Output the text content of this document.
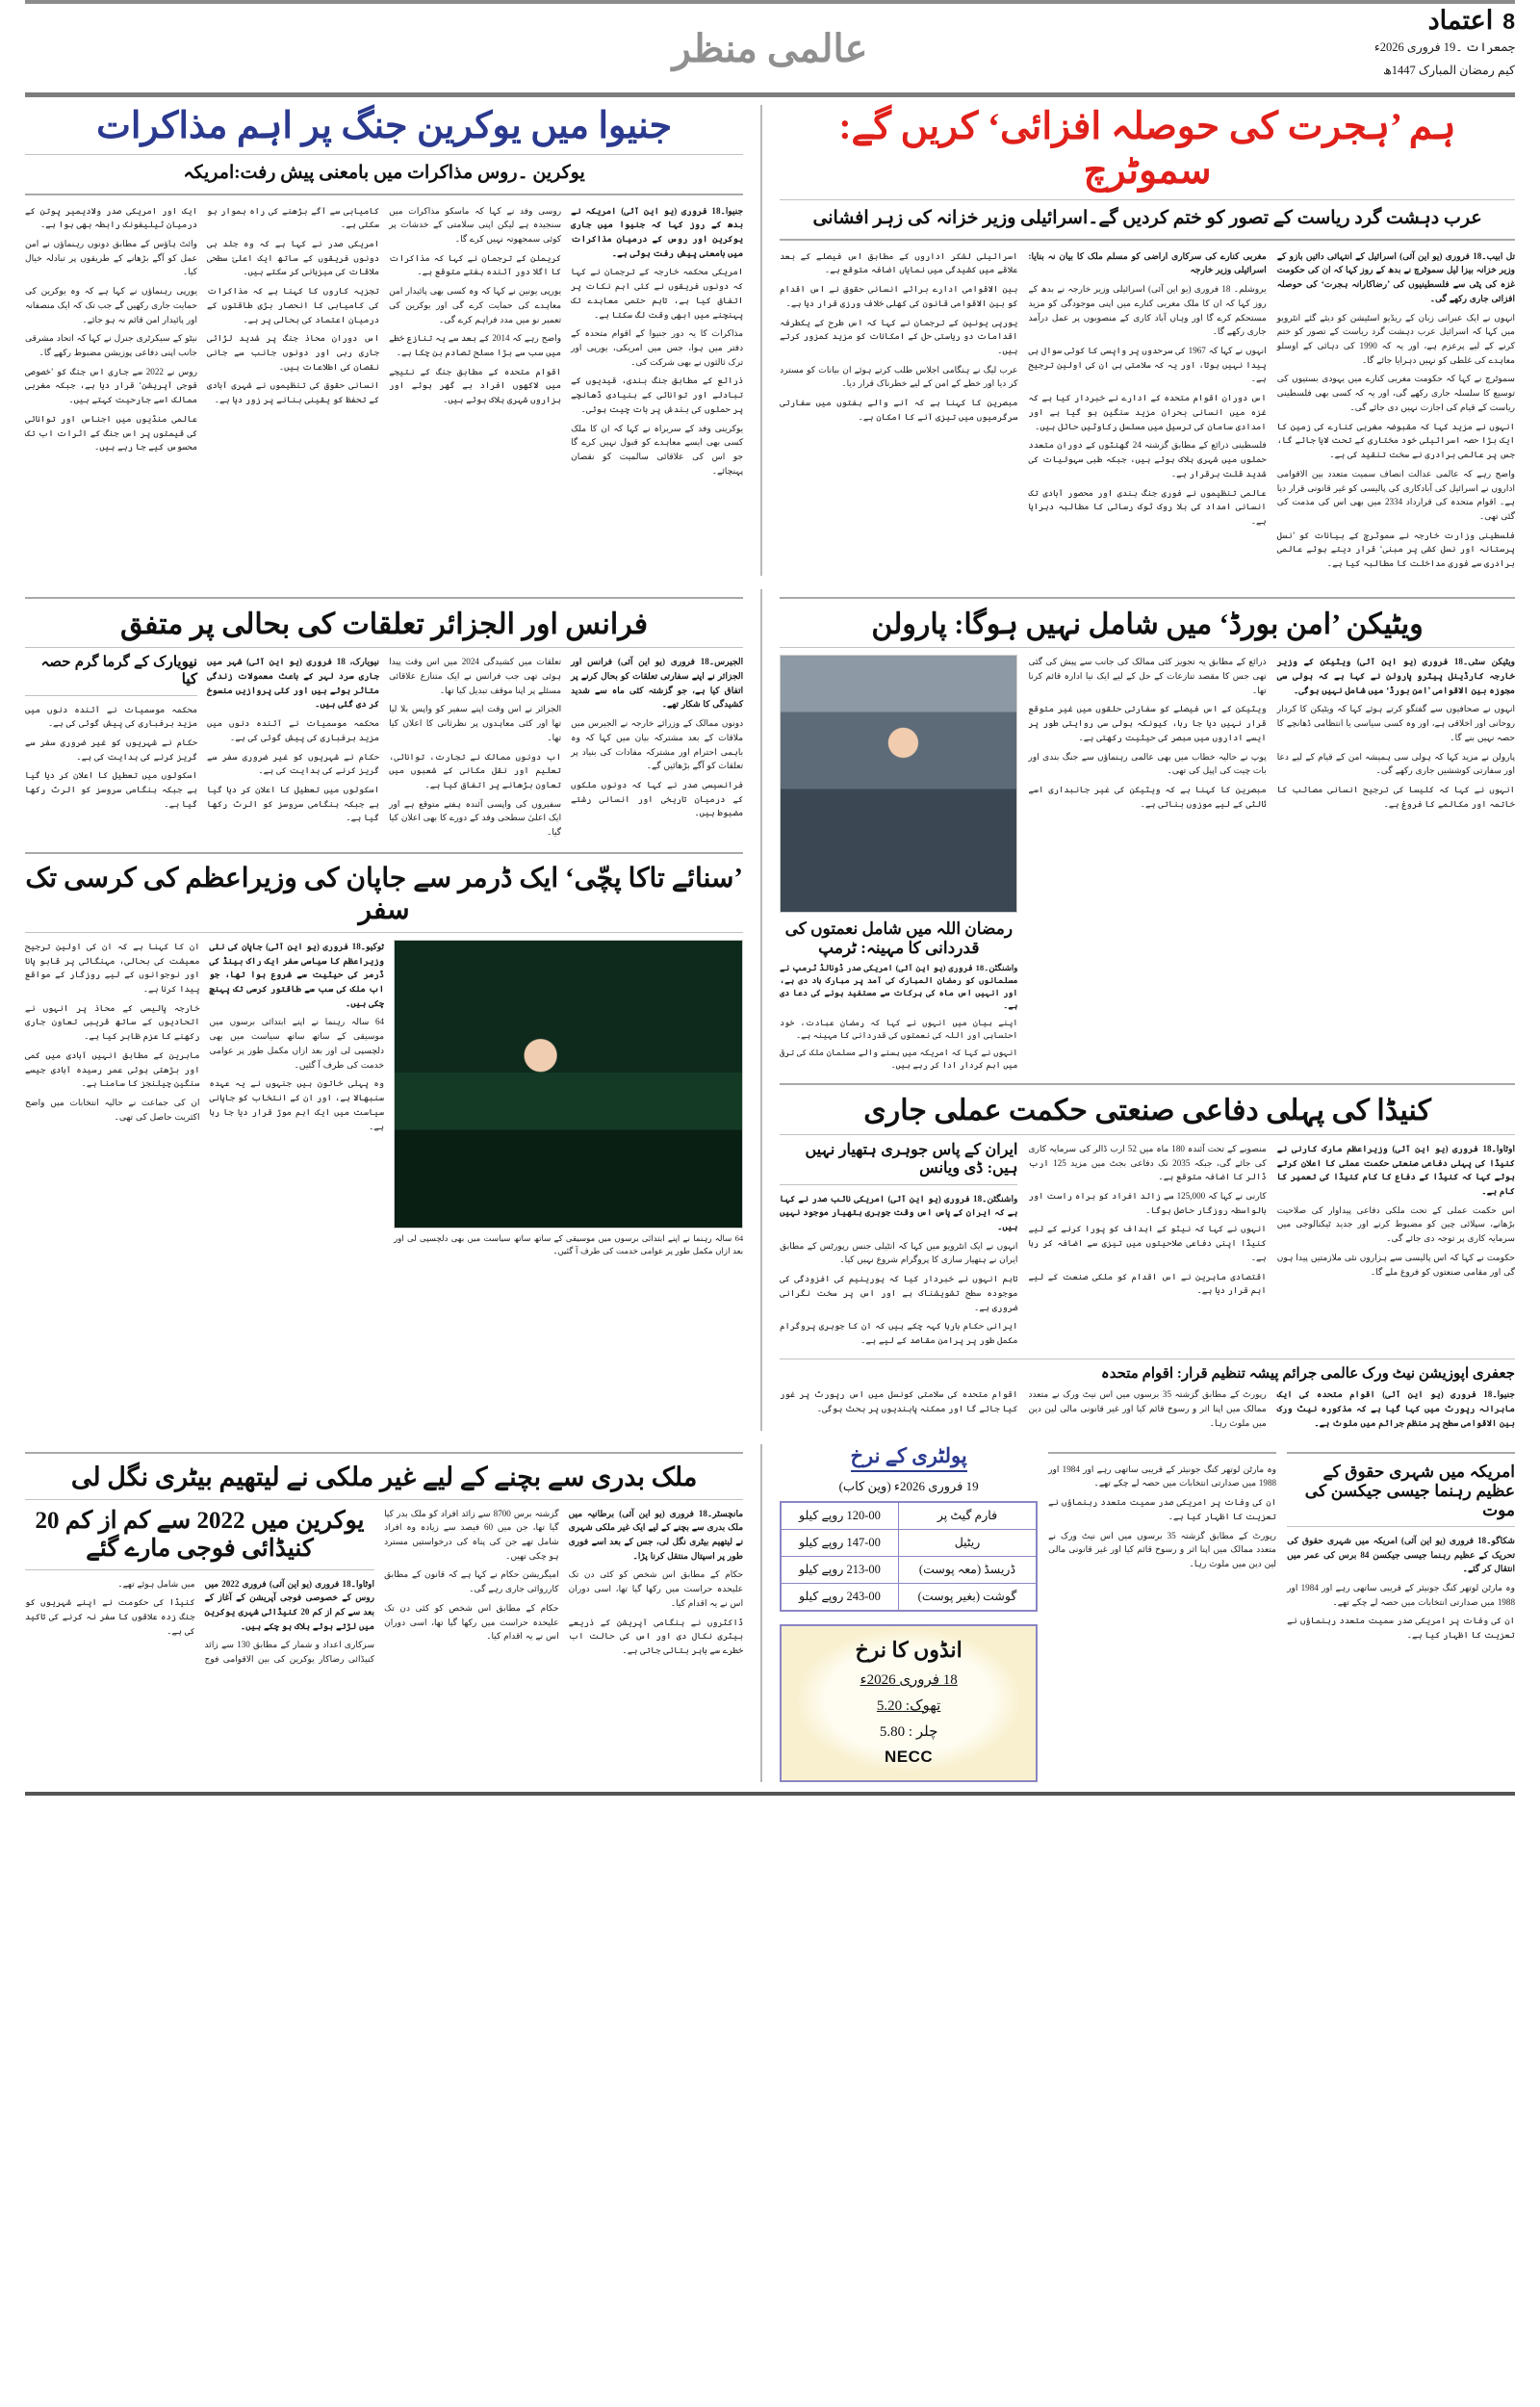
8اعتماد
جمعرات ۔19 فروری 2026ء
کیم رمضان المبارک 1447ھ
عالمی منظر
ہم ’ہجرت کی حوصلہ افزائی‘ کریں گے: سموٹرچ
عرب دہشت گرد ریاست کے تصور کو ختم کردیں گے۔اسرائیلی وزیر خزانہ کی زہر افشانی

تل ابیب۔18 فروری (یو این آئی) اسرائیل کے انتہائی دائیں بازو کے وزیر خزانہ بیزا لیل سموٹرچ نے بدھ کے روز کہا کہ ان کی حکومت غزہ کی پٹی سے فلسطینیوں کی ’رضاکارانہ ہجرت‘ کی حوصلہ افزائی جاری رکھے گی۔

انہوں نے ایک عبرانی زبان کے ریڈیو اسٹیشن کو دیئے گئے انٹرویو میں کہا کہ اسرائیل عرب دہشت گرد ریاست کے تصور کو ختم کرنے کے لیے پرعزم ہے، اور یہ کہ 1990 کی دہائی کے اوسلو معاہدے کی غلطی کو نہیں دہرایا جائے گا۔

سموٹرچ نے کہا کہ حکومت مغربی کنارے میں یہودی بستیوں کی توسیع کا سلسلہ جاری رکھے گی، اور یہ کہ کسی بھی فلسطینی ریاست کے قیام کی اجازت نہیں دی جائے گی۔

انہوں نے مزید کہا کہ مقبوضہ مغربی کنارے کی زمین کا ایک بڑا حصہ اسرائیلی خود مختاری کے تحت لایا جائے گا، جس پر عالمی برادری نے سخت تنقید کی ہے۔

واضح رہے کہ عالمی عدالت انصاف سمیت متعدد بین الاقوامی اداروں نے اسرائیل کی آبادکاری کی پالیسی کو غیر قانونی قرار دیا ہے۔ اقوام متحدہ کی قرارداد 2334 میں بھی اس کی مذمت کی گئی تھی۔

فلسطینی وزارت خارجہ نے سموٹرچ کے بیانات کو ’نسل پرستانہ اور نسل کشی پر مبنی‘ قرار دیتے ہوئے عالمی برادری سے فوری مداخلت کا مطالبہ کیا ہے۔

مغربی کنارے کی سرکاری اراضی کو مسلم ملک کا بیان نہ بنایا: اسرائیلی وزیر خارجہ

یروشلم۔ 18 فروری (یو این آئی) اسرائیلی وزیر خارجہ نے بدھ کے روز کہا کہ ان کا ملک مغربی کنارے میں اپنی موجودگی کو مزید مستحکم کرے گا اور وہاں آباد کاری کے منصوبوں پر عمل درآمد جاری رکھے گا۔

انہوں نے کہا کہ 1967 کی سرحدوں پر واپسی کا کوئی سوال ہی پیدا نہیں ہوتا، اور یہ کہ سلامتی ہی ان کی اولین ترجیح ہے۔

اس دوران اقوام متحدہ کے ادارے نے خبردار کیا ہے کہ غزہ میں انسانی بحران مزید سنگین ہو گیا ہے اور امدادی سامان کی ترسیل میں مسلسل رکاوٹیں حائل ہیں۔

فلسطینی ذرائع کے مطابق گزشتہ 24 گھنٹوں کے دوران متعدد حملوں میں شہری ہلاک ہوئے ہیں، جبکہ طبی سہولیات کی شدید قلت برقرار ہے۔

عالمی تنظیموں نے فوری جنگ بندی اور محصور آبادی تک انسانی امداد کی بلا روک ٹوک رسائی کا مطالبہ دہرایا ہے۔

اسرائیلی لشکر اداروں کے مطابق اس فیصلے کے بعد علاقے میں کشیدگی میں نمایاں اضافہ متوقع ہے۔

بین الاقوامی ادارے برائے انسانی حقوق نے اس اقدام کو بین الاقوامی قانون کی کھلی خلاف ورزی قرار دیا ہے۔

یورپی یونین کے ترجمان نے کہا کہ اس طرح کے یکطرفہ اقدامات دو ریاستی حل کے امکانات کو مزید کمزور کرتے ہیں۔

عرب لیگ نے ہنگامی اجلاس طلب کرتے ہوئے ان بیانات کو مسترد کر دیا اور خطے کے امن کے لیے خطرناک قرار دیا۔

مبصرین کا کہنا ہے کہ آنے والے ہفتوں میں سفارتی سرگرمیوں میں تیزی آنے کا امکان ہے۔

جنیوا میں یوکرین جنگ پر اہم مذاکرات
یوکرین ۔روس مذاکرات میں بامعنی پیش رفت:امریکہ

جنیوا۔18 فروری (یو این آئی) امریکہ نے بدھ کے روز کہا کہ جنیوا میں جاری یوکرین اور روس کے درمیان مذاکرات میں بامعنی پیش رفت ہوئی ہے۔

امریکی محکمہ خارجہ کے ترجمان نے کہا کہ دونوں فریقوں نے کئی اہم نکات پر اتفاق کیا ہے، تاہم حتمی معاہدے تک پہنچنے میں ابھی وقت لگ سکتا ہے۔

مذاکرات کا یہ دور جنیوا کے اقوام متحدہ کے دفتر میں ہوا، جس میں امریکی، یورپی اور ترک ثالثوں نے بھی شرکت کی۔

ذرائع کے مطابق جنگ بندی، قیدیوں کے تبادلے اور توانائی کے بنیادی ڈھانچے پر حملوں کی بندش پر بات چیت ہوئی۔

یوکرینی وفد کے سربراہ نے کہا کہ ان کا ملک کسی بھی ایسے معاہدے کو قبول نہیں کرے گا جو اس کی علاقائی سالمیت کو نقصان پہنچائے۔

روسی وفد نے کہا کہ ماسکو مذاکرات میں سنجیدہ ہے لیکن اپنی سلامتی کے خدشات پر کوئی سمجھوتہ نہیں کرے گا۔

کریملن کے ترجمان نے کہا کہ مذاکرات کا اگلا دور آئندہ ہفتے متوقع ہے۔

یورپی یونین نے کہا کہ وہ کسی بھی پائیدار امن معاہدے کی حمایت کرے گی اور یوکرین کی تعمیر نو میں مدد فراہم کرے گی۔

واضح رہے کہ 2014 کے بعد سے یہ تنازع خطے میں سب سے بڑا مسلح تصادم بن چکا ہے۔

اقوام متحدہ کے مطابق جنگ کے نتیجے میں لاکھوں افراد بے گھر ہوئے اور ہزاروں شہری ہلاک ہوئے ہیں۔

کامیابی سے آگے بڑھنے کی راہ ہموار ہو سکتی ہے۔

امریکی صدر نے کہا ہے کہ وہ جلد ہی دونوں فریقوں کے ساتھ ایک اعلیٰ سطحی ملاقات کی میزبانی کر سکتے ہیں۔

تجزیہ کاروں کا کہنا ہے کہ مذاکرات کی کامیابی کا انحصار بڑی طاقتوں کے درمیان اعتماد کی بحالی پر ہے۔

اس دوران محاذ جنگ پر شدید لڑائی جاری رہی اور دونوں جانب سے جانی نقصان کی اطلاعات ہیں۔

انسانی حقوق کی تنظیموں نے شہری آبادی کے تحفظ کو یقینی بنانے پر زور دیا ہے۔

ایک اور امریکی صدر ولادیمیر پوتن کے درمیان ٹیلیفونک رابطہ بھی ہوا ہے۔

وائٹ ہاؤس کے مطابق دونوں رہنماؤں نے امن عمل کو آگے بڑھانے کے طریقوں پر تبادلہ خیال کیا۔

یورپی رہنماؤں نے کہا ہے کہ وہ یوکرین کی حمایت جاری رکھیں گے جب تک کہ ایک منصفانہ اور پائیدار امن قائم نہ ہو جائے۔

نیٹو کے سیکرٹری جنرل نے کہا کہ اتحاد مشرقی جانب اپنی دفاعی پوزیشن مضبوط رکھے گا۔

روس نے 2022 سے جاری اس جنگ کو ’خصوصی فوجی آپریشن‘ قرار دیا ہے، جبکہ مغربی ممالک اسے جارحیت کہتے ہیں۔

عالمی منڈیوں میں اجناس اور توانائی کی قیمتوں پر اس جنگ کے اثرات اب تک محسوس کیے جا رہے ہیں۔

ویٹیکن ’امن بورڈ‘ میں شامل نہیں ہوگا: پارولن

ویٹیکن سٹی۔18 فروری (یو این آئی) ویٹیکن کے وزیر خارجہ کارڈینل پیٹرو پارولن نے کہا ہے کہ ہولی سی مجوزہ بین الاقوامی ’امن بورڈ‘ میں شامل نہیں ہوگی۔

انہوں نے صحافیوں سے گفتگو کرتے ہوئے کہا کہ ویٹیکن کا کردار روحانی اور اخلاقی ہے، اور وہ کسی سیاسی یا انتظامی ڈھانچے کا حصہ نہیں بنے گا۔

پارولن نے مزید کہا کہ ہولی سی ہمیشہ امن کے قیام کے لیے دعا اور سفارتی کوششیں جاری رکھے گی۔

انہوں نے کہا کہ کلیسا کی ترجیح انسانی مصائب کا خاتمہ اور مکالمے کا فروغ ہے۔

ذرائع کے مطابق یہ تجویز کئی ممالک کی جانب سے پیش کی گئی تھی جس کا مقصد تنازعات کے حل کے لیے ایک نیا ادارہ قائم کرنا تھا۔

ویٹیکن کے اس فیصلے کو سفارتی حلقوں میں غیر متوقع قرار نہیں دیا جا رہا، کیونکہ ہولی سی روایتی طور پر ایسے اداروں میں مبصر کی حیثیت رکھتی ہے۔

پوپ نے حالیہ خطاب میں بھی عالمی رہنماؤں سے جنگ بندی اور بات چیت کی اپیل کی تھی۔

مبصرین کا کہنا ہے کہ ویٹیکن کی غیر جانبداری اسے ثالثی کے لیے موزوں بناتی ہے۔

رمضان اللہ میں شامل نعمتوں کی قدردانی کا مہینہ: ٹرمپ

واشنگٹن۔18 فروری (یو این آئی) امریکی صدر ڈونالڈ ٹرمپ نے مسلمانوں کو رمضان المبارک کی آمد پر مبارک باد دی ہے، اور انہیں اس ماہ کی برکات سے مستفید ہونے کی دعا دی ہے۔

اپنے بیان میں انہوں نے کہا کہ رمضان عبادت، خود احتسابی اور اللہ کی نعمتوں کی قدردانی کا مہینہ ہے۔

انہوں نے کہا کہ امریکہ میں بسنے والے مسلمان ملک کی ترقی میں اہم کردار ادا کر رہے ہیں۔

کنیڈا کی پہلی دفاعی صنعتی حکمت عملی جاری

اوٹاوا۔18 فروری (یو این آئی) وزیراعظم مارک کارنی نے کنیڈا کی پہلی دفاعی صنعتی حکمت عملی کا اعلان کرتے ہوئے کہا کہ کنیڈا کے دفاع کا کام کنیڈا کی تعمیر کا کام ہے۔

اس حکمت عملی کے تحت ملکی دفاعی پیداوار کی صلاحیت بڑھانے، سپلائی چین کو مضبوط کرنے اور جدید ٹیکنالوجی میں سرمایہ کاری پر توجہ دی جائے گی۔

حکومت نے کہا کہ اس پالیسی سے ہزاروں نئی ملازمتیں پیدا ہوں گی اور مقامی صنعتوں کو فروغ ملے گا۔

منصوبے کے تحت آئندہ 180 ماہ میں 52 ارب ڈالر کی سرمایہ کاری کی جائے گی، جبکہ 2035 تک دفاعی بجٹ میں مزید 125 ارب ڈالر کا اضافہ متوقع ہے۔

کارنی نے کہا کہ 125,000 سے زائد افراد کو براہ راست اور بالواسطہ روزگار حاصل ہوگا۔

انہوں نے کہا کہ نیٹو کے اہداف کو پورا کرنے کے لیے کنیڈا اپنی دفاعی صلاحیتوں میں تیزی سے اضافہ کر رہا ہے۔

اقتصادی ماہرین نے اس اقدام کو ملکی صنعت کے لیے اہم قرار دیا ہے۔

ایران کے پاس جوہری ہتھیار نہیں ہیں: ڈی ویانس

واشنگٹن۔18 فروری (یو این آئی) امریکی نائب صدر نے کہا ہے کہ ایران کے پاس اس وقت جوہری ہتھیار موجود نہیں ہیں۔

انہوں نے ایک انٹرویو میں کہا کہ انٹیلی جنس رپورٹس کے مطابق ایران نے ہتھیار سازی کا پروگرام شروع نہیں کیا۔

تاہم انہوں نے خبردار کیا کہ یورینیم کی افزودگی کی موجودہ سطح تشویشناک ہے اور اس پر سخت نگرانی ضروری ہے۔

ایرانی حکام بارہا کہہ چکے ہیں کہ ان کا جوہری پروگرام مکمل طور پر پرامن مقاصد کے لیے ہے۔

جعفری اپوزیشن نیٹ ورک عالمی جرائم پیشہ تنظیم قرار: اقوام متحدہ

جنیوا۔18 فروری (یو این آئی) اقوام متحدہ کی ایک ماہرانہ رپورٹ میں کہا گیا ہے کہ مذکورہ نیٹ ورک بین الاقوامی سطح پر منظم جرائم میں ملوث ہے۔

رپورٹ کے مطابق گزشتہ 35 برسوں میں اس نیٹ ورک نے متعدد ممالک میں اپنا اثر و رسوخ قائم کیا اور غیر قانونی مالی لین دین میں ملوث رہا۔

اقوام متحدہ کی سلامتی کونسل میں اس رپورٹ پر غور کیا جائے گا اور ممکنہ پابندیوں پر بحث ہوگی۔

فرانس اور الجزائر تعلقات کی بحالی پر متفق

الجیرس۔18 فروری (یو این آئی) فرانس اور الجزائر نے اپنے سفارتی تعلقات کو بحال کرنے پر اتفاق کیا ہے، جو گزشتہ کئی ماہ سے شدید کشیدگی کا شکار تھے۔

دونوں ممالک کے وزرائے خارجہ نے الجیرس میں ملاقات کے بعد مشترکہ بیان میں کہا کہ وہ باہمی احترام اور مشترکہ مفادات کی بنیاد پر تعلقات کو آگے بڑھائیں گے۔

فرانسیسی صدر نے کہا کہ دونوں ملکوں کے درمیان تاریخی اور انسانی رشتے مضبوط ہیں۔

تعلقات میں کشیدگی 2024 میں اس وقت پیدا ہوئی تھی جب فرانس نے ایک متنازع علاقائی مسئلے پر اپنا موقف تبدیل کیا تھا۔

الجزائر نے اس وقت اپنے سفیر کو واپس بلا لیا تھا اور کئی معاہدوں پر نظرثانی کا اعلان کیا تھا۔

اب دونوں ممالک نے تجارت، توانائی، تعلیم اور نقل مکانی کے شعبوں میں تعاون بڑھانے پر اتفاق کیا ہے۔

سفیروں کی واپسی آئندہ ہفتے متوقع ہے اور ایک اعلیٰ سطحی وفد کے دورے کا بھی اعلان کیا گیا۔

نیویارک، 18 فروری (یو این آئی) شہر میں جاری سرد لہر کے باعث معمولات زندگی متاثر ہوئے ہیں اور کئی پروازیں منسوخ کر دی گئی ہیں۔

محکمہ موسمیات نے آئندہ دنوں میں مزید برفباری کی پیش گوئی کی ہے۔

حکام نے شہریوں کو غیر ضروری سفر سے گریز کرنے کی ہدایت کی ہے۔

اسکولوں میں تعطیل کا اعلان کر دیا گیا ہے جبکہ ہنگامی سروسز کو الرٹ رکھا گیا ہے۔

نیویارک کے گرما گرم حصہ کیا

محکمہ موسمیات نے آئندہ دنوں میں مزید برفباری کی پیش گوئی کی ہے۔

حکام نے شہریوں کو غیر ضروری سفر سے گریز کرنے کی ہدایت کی ہے۔

اسکولوں میں تعطیل کا اعلان کر دیا گیا ہے جبکہ ہنگامی سروسز کو الرٹ رکھا گیا ہے۔

’سنائے تاکا پچّی‘ ایک ڈرمر سے جاپان کی وزیراعظم کی کرسی تک سفر

64 سالہ رہنما نے اپنے ابتدائی برسوں میں موسیقی کے ساتھ ساتھ سیاست میں بھی دلچسپی لی اور بعد ازاں مکمل طور پر عوامی خدمت کی طرف آ گئیں۔

ٹوکیو۔18 فروری (یو این آئی) جاپان کی نئی وزیراعظم کا سیاسی سفر ایک راک بینڈ کی ڈرمر کی حیثیت سے شروع ہوا تھا، جو اب ملک کی سب سے طاقتور کرسی تک پہنچ چکی ہیں۔

64 سالہ رہنما نے اپنے ابتدائی برسوں میں موسیقی کے ساتھ ساتھ سیاست میں بھی دلچسپی لی اور بعد ازاں مکمل طور پر عوامی خدمت کی طرف آ گئیں۔

وہ پہلی خاتون ہیں جنہوں نے یہ عہدہ سنبھالا ہے، اور ان کے انتخاب کو جاپانی سیاست میں ایک اہم موڑ قرار دیا جا رہا ہے۔

ان کا کہنا ہے کہ ان کی اولین ترجیح معیشت کی بحالی، مہنگائی پر قابو پانا اور نوجوانوں کے لیے روزگار کے مواقع پیدا کرنا ہے۔

خارجہ پالیسی کے محاذ پر انہوں نے اتحادیوں کے ساتھ قریبی تعاون جاری رکھنے کا عزم ظاہر کیا ہے۔

ماہرین کے مطابق انہیں آبادی میں کمی اور بڑھتی ہوئی عمر رسیدہ آبادی جیسے سنگین چیلنجز کا سامنا ہے۔

ان کی جماعت نے حالیہ انتخابات میں واضح اکثریت حاصل کی تھی۔

امریکہ میں شہری حقوق کے عظیم رہنما جیسی جیکسن کی موت

شکاگو۔18 فروری (یو این آئی) امریکہ میں شہری حقوق کی تحریک کے عظیم رہنما جیسی جیکسن 84 برس کی عمر میں انتقال کر گئے۔

وہ مارٹن لوتھر کنگ جونیئر کے قریبی ساتھی رہے اور 1984 اور 1988 میں صدارتی انتخابات میں حصہ لے چکے تھے۔

ان کی وفات پر امریکی صدر سمیت متعدد رہنماؤں نے تعزیت کا اظہار کیا ہے۔

وہ مارٹن لوتھر کنگ جونیئر کے قریبی ساتھی رہے اور 1984 اور 1988 میں صدارتی انتخابات میں حصہ لے چکے تھے۔

ان کی وفات پر امریکی صدر سمیت متعدد رہنماؤں نے تعزیت کا اظہار کیا ہے۔

رپورٹ کے مطابق گزشتہ 35 برسوں میں اس نیٹ ورک نے متعدد ممالک میں اپنا اثر و رسوخ قائم کیا اور غیر قانونی مالی لین دین میں ملوث رہا۔

پولٹری کے نرخ
19 فروری 2026ء (وین کاب)
فارم گیٹ پر	120-00 روپے کیلو
ریٹیل	147-00 روپے کیلو
ڈریسڈ (معہ پوست)	213-00 روپے کیلو
گوشت (بغیر پوست)	243-00 روپے کیلو
انڈوں کا نرخ
18 فروری 2026ء
تھوک: 5.20
چلر : 5.80
NECC
ملک بدری سے بچنے کے لیے غیر ملکی نے لیتھیم بیٹری نگل لی

مانچسٹر۔18 فروری (یو این آئی) برطانیہ میں ملک بدری سے بچنے کے لیے ایک غیر ملکی شہری نے لیتھیم بیٹری نگل لی، جس کے بعد اسے فوری طور پر اسپتال منتقل کرنا پڑا۔

حکام کے مطابق اس شخص کو کئی دن تک علیحدہ حراست میں رکھا گیا تھا، اسی دوران اس نے یہ اقدام کیا۔

ڈاکٹروں نے ہنگامی آپریشن کے ذریعے بیٹری نکال دی اور اس کی حالت اب خطرے سے باہر بتائی جاتی ہے۔

گزشتہ برس 8700 سے زائد افراد کو ملک بدر کیا گیا تھا، جن میں 60 فیصد سے زیادہ وہ افراد شامل تھے جن کی پناہ کی درخواستیں مسترد ہو چکی تھیں۔

امیگریشن حکام نے کہا ہے کہ قانون کے مطابق کارروائی جاری رہے گی۔

حکام کے مطابق اس شخص کو کئی دن تک علیحدہ حراست میں رکھا گیا تھا، اسی دوران اس نے یہ اقدام کیا۔

یوکرین میں 2022 سے کم از کم 20 کنیڈائی فوجی مارے گئے

اوٹاوا۔18 فروری (یو این آئی) فروری 2022 میں روس کے خصوصی فوجی آپریشن کے آغاز کے بعد سے کم از کم 20 کنیڈائی شہری یوکرین میں لڑتے ہوئے ہلاک ہو چکے ہیں۔

سرکاری اعداد و شمار کے مطابق 130 سے زائد کنیڈائی رضاکار یوکرین کی بین الاقوامی فوج میں شامل ہوئے تھے۔

کنیڈا کی حکومت نے اپنے شہریوں کو جنگ زدہ علاقوں کا سفر نہ کرنے کی تاکید کی ہے۔
